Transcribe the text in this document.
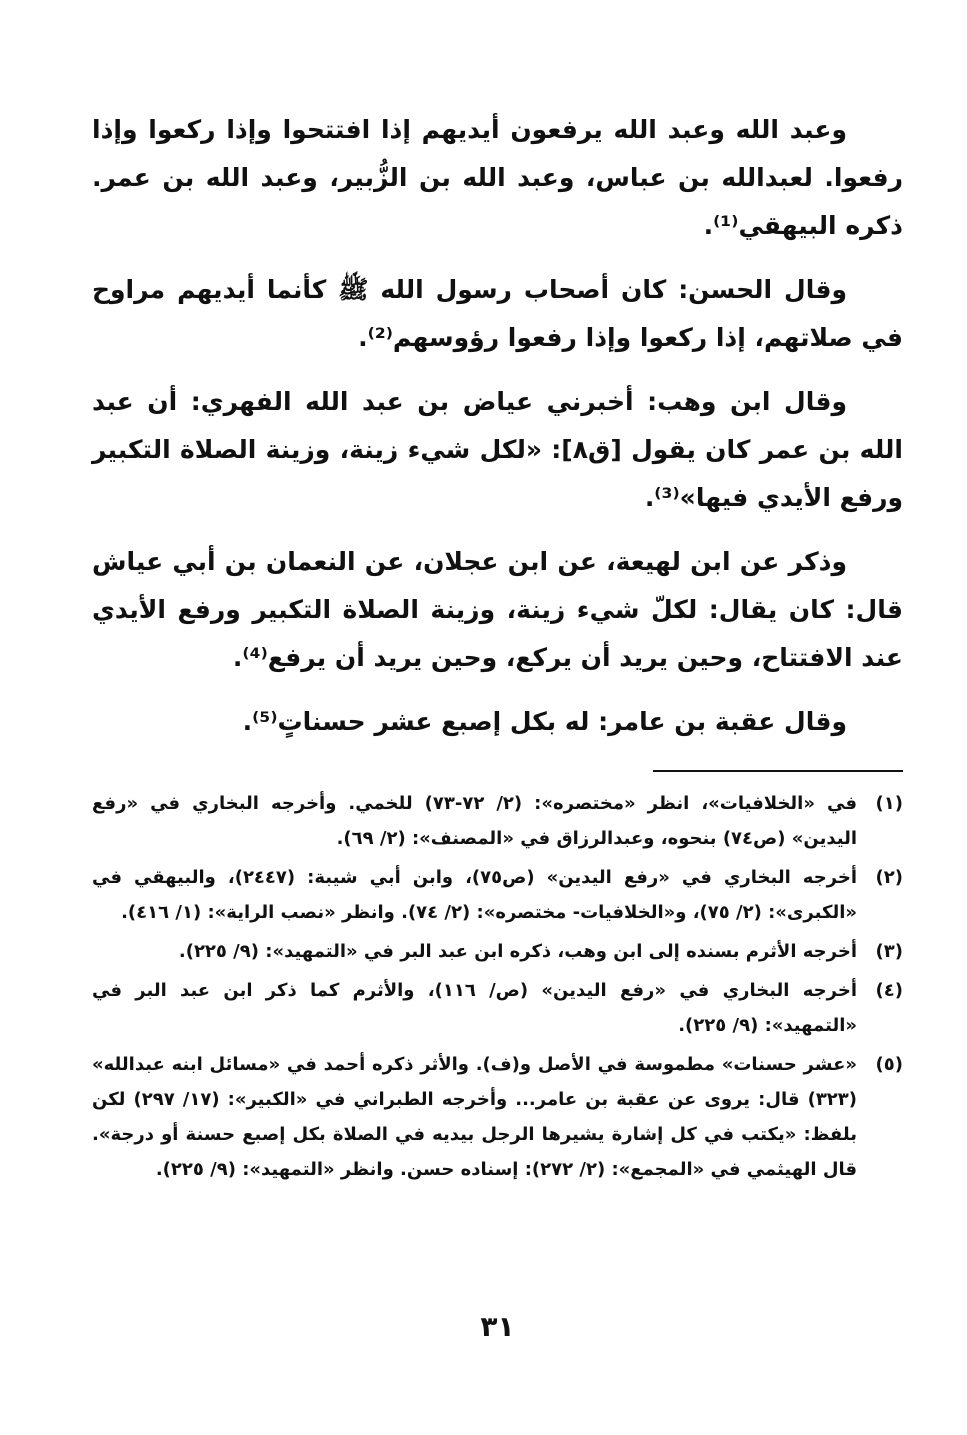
وعبد الله وعبد الله يرفعون أيديهم إذا افتتحوا وإذا ركعوا وإذا رفعوا. لعبدالله بن عباس، وعبد الله بن الزُّبير، وعبد الله بن عمر. ذكره البيهقي⁽¹⁾.

وقال الحسن: كان أصحاب رسول الله ﷺ كأنما أيديهم مراوح في صلاتهم، إذا ركعوا وإذا رفعوا رؤوسهم⁽²⁾.

وقال ابن وهب: أخبرني عياض بن عبد الله الفهري: أن عبد الله بن عمر كان يقول [ق٨]: «لكل شيء زينة، وزينة الصلاة التكبير ورفع الأيدي فيها»⁽³⁾.

وذكر عن ابن لهيعة، عن ابن عجلان، عن النعمان بن أبي عياش قال: كان يقال: لكلّ شيء زينة، وزينة الصلاة التكبير ورفع الأيدي عند الافتتاح، وحين يريد أن يركع، وحين يريد أن يرفع⁽⁴⁾.

وقال عقبة بن عامر: له بكل إصبع عشر حسناتٍ⁽⁵⁾.

(١)
في «الخلافيات»، انظر «مختصره»: (٢/ ٧٢-٧٣) للخمي. وأخرجه البخاري في «رفع اليدين» (ص٧٤) بنحوه، وعبدالرزاق في «المصنف»: (٢/ ٦٩).
(٢)
أخرجه البخاري في «رفع اليدين» (ص٧٥)، وابن أبي شيبة: (٢٤٤٧)، والبيهقي في «الكبرى»: (٢/ ٧٥)، و«الخلافيات- مختصره»: (٢/ ٧٤). وانظر «نصب الراية»: (١/ ٤١٦).
(٣)
أخرجه الأثرم بسنده إلى ابن وهب، ذكره ابن عبد البر في «التمهيد»: (٩/ ٢٢٥).
(٤)
أخرجه البخاري في «رفع اليدين» (ص/ ١١٦)، والأثرم كما ذكر ابن عبد البر في «التمهيد»: (٩/ ٢٢٥).
(٥)
«عشر حسنات» مطموسة في الأصل و(ف). والأثر ذكره أحمد في «مسائل ابنه عبدالله» (٣٢٣) قال: يروى عن عقبة بن عامر... وأخرجه الطبراني في «الكبير»: (١٧/ ٢٩٧) لكن بلفظ: «يكتب في كل إشارة يشيرها الرجل بيديه في الصلاة بكل إصبع حسنة أو درجة». قال الهيثمي في «المجمع»: (٢/ ٢٧٢): إسناده حسن. وانظر «التمهيد»: (٩/ ٢٢٥).
٣١
